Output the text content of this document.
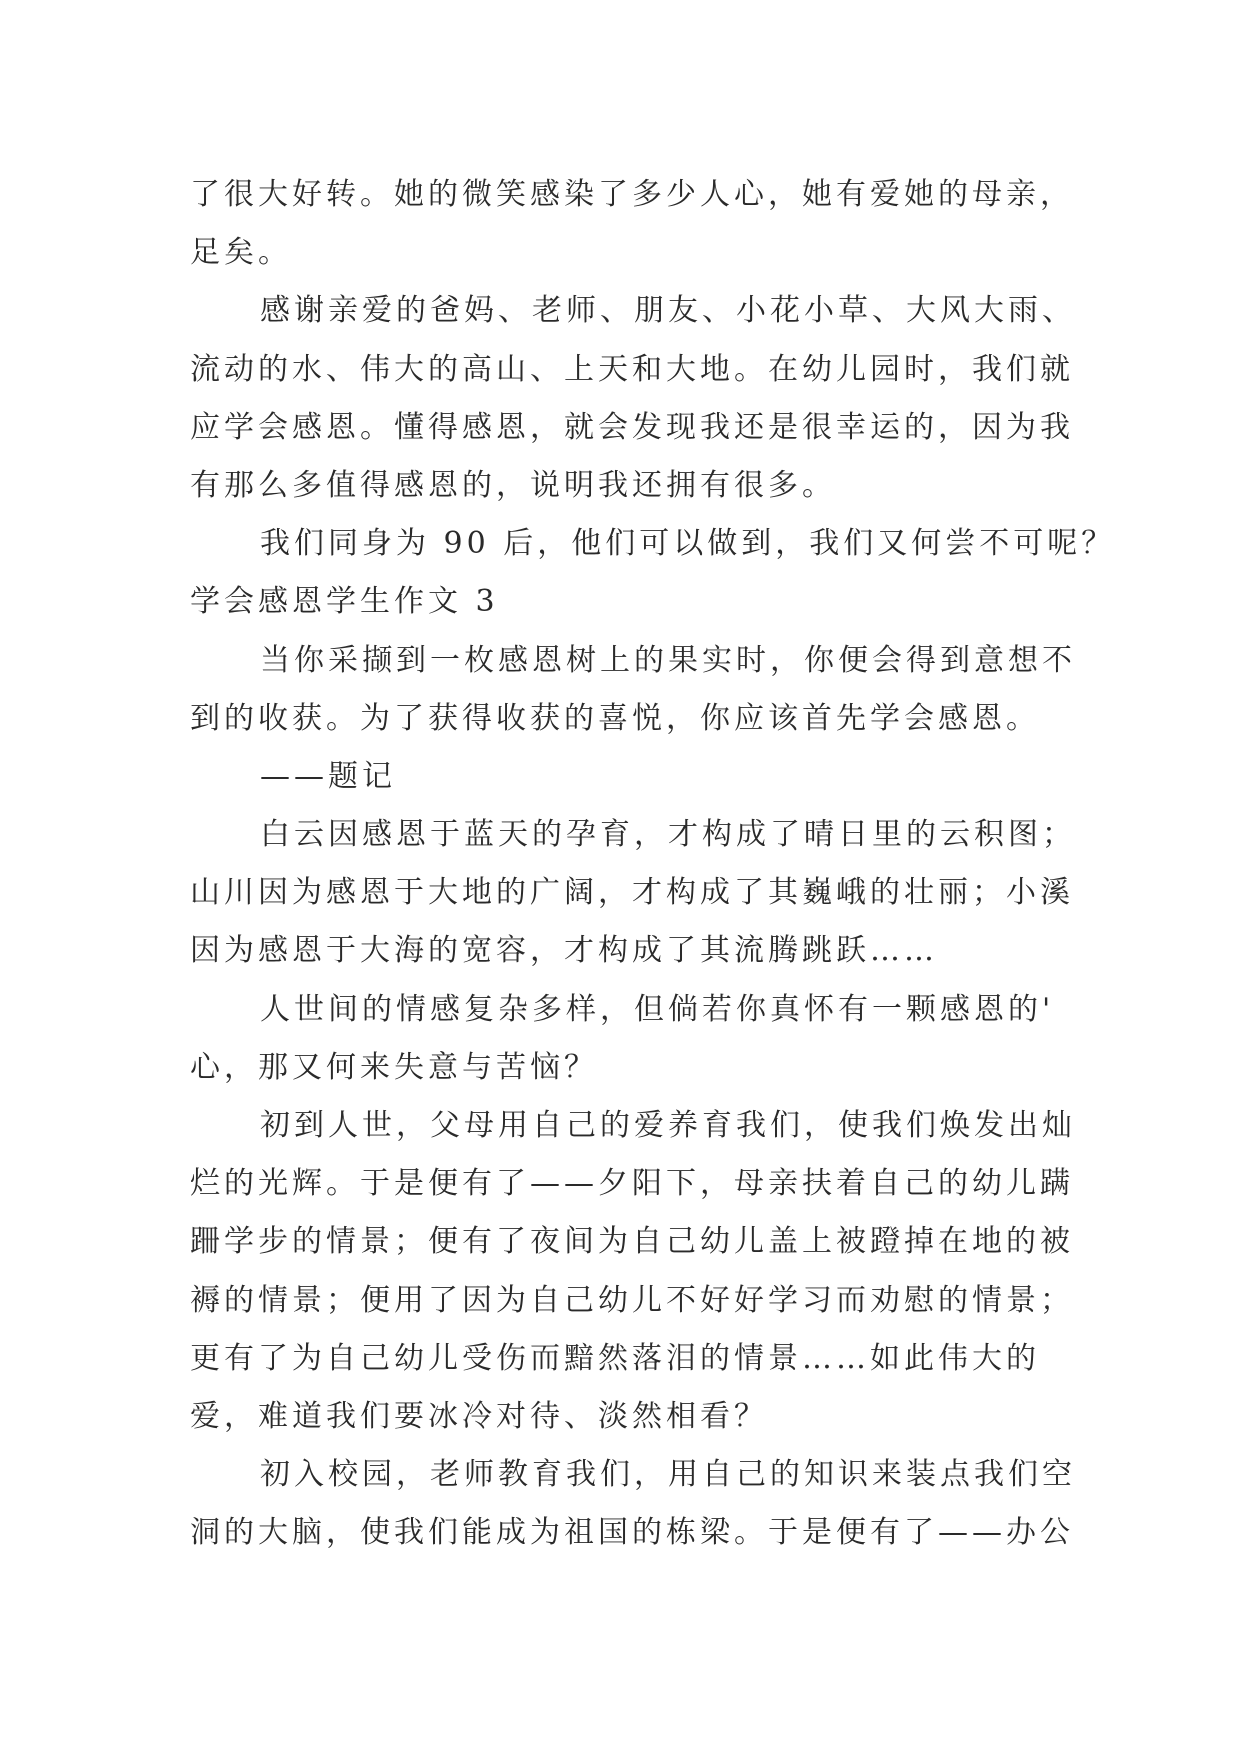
了很大好转。她的微笑感染了多少人心，她有爱她的母亲，
足矣。
感谢亲爱的爸妈、老师、朋友、小花小草、大风大雨、
流动的水、伟大的高山、上天和大地。在幼儿园时，我们就
应学会感恩。懂得感恩，就会发现我还是很幸运的，因为我
有那么多值得感恩的，说明我还拥有很多。
我们同身为 90 后，他们可以做到，我们又何尝不可呢？
学会感恩学生作文 3
当你采撷到一枚感恩树上的果实时，你便会得到意想不
到的收获。为了获得收获的喜悦，你应该首先学会感恩。
——题记
白云因感恩于蓝天的孕育，才构成了晴日里的云积图；
山川因为感恩于大地的广阔，才构成了其巍峨的壮丽；小溪
因为感恩于大海的宽容，才构成了其流腾跳跃……
人世间的情感复杂多样，但倘若你真怀有一颗感恩的'
心，那又何来失意与苦恼？
初到人世，父母用自己的爱养育我们，使我们焕发出灿
烂的光辉。于是便有了——夕阳下，母亲扶着自己的幼儿蹒
跚学步的情景；便有了夜间为自己幼儿盖上被蹬掉在地的被
褥的情景；便用了因为自己幼儿不好好学习而劝慰的情景；
更有了为自己幼儿受伤而黯然落泪的情景……如此伟大的
爱，难道我们要冰冷对待、淡然相看？
初入校园，老师教育我们，用自己的知识来装点我们空
洞的大脑，使我们能成为祖国的栋梁。于是便有了——办公
